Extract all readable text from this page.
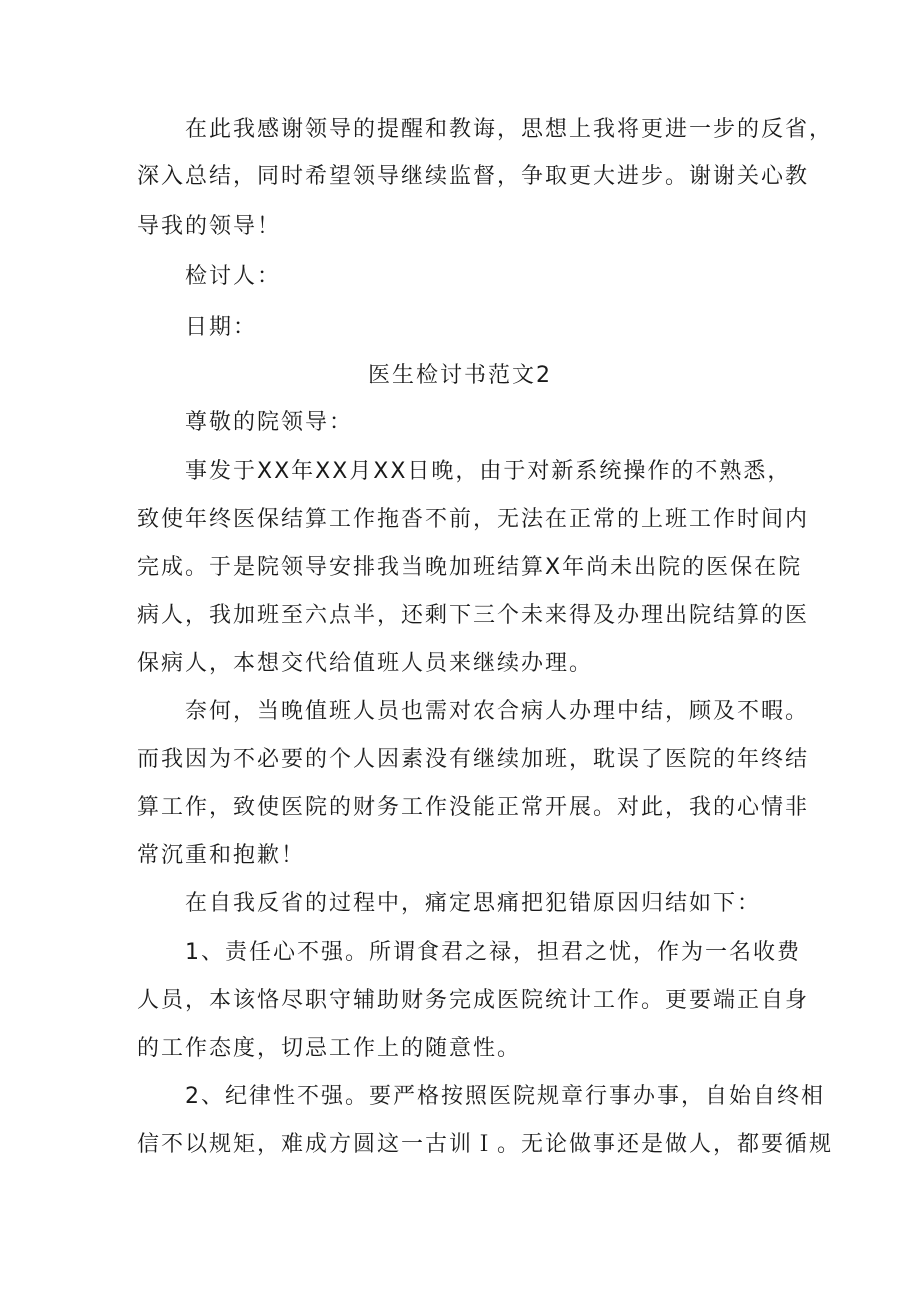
在此我感谢领导的提醒和教诲，思想上我将更进一步的反省，
深入总结，同时希望领导继续监督，争取更大进步。谢谢关心教
导我的领导！
检讨人：
日期：
医生检讨书范文2
尊敬的院领导：
事发于XX年XX月XX日晚，由于对新系统操作的不熟悉，
致使年终医保结算工作拖沓不前，无法在正常的上班工作时间内
完成。于是院领导安排我当晚加班结算X年尚未出院的医保在院
病人，我加班至六点半，还剩下三个未来得及办理出院结算的医
保病人，本想交代给值班人员来继续办理。
奈何，当晚值班人员也需对农合病人办理中结，顾及不暇。
而我因为不必要的个人因素没有继续加班，耽误了医院的年终结
算工作，致使医院的财务工作没能正常开展。对此，我的心情非
常沉重和抱歉！
在自我反省的过程中，痛定思痛把犯错原因归结如下：
1、责任心不强。所谓食君之禄，担君之忧，作为一名收费
人员，本该恪尽职守辅助财务完成医院统计工作。更要端正自身
的工作态度，切忌工作上的随意性。
2、纪律性不强。要严格按照医院规章行事办事，自始自终相
信不以规矩，难成方圆这一古训Ｉ。无论做事还是做人，都要循规
